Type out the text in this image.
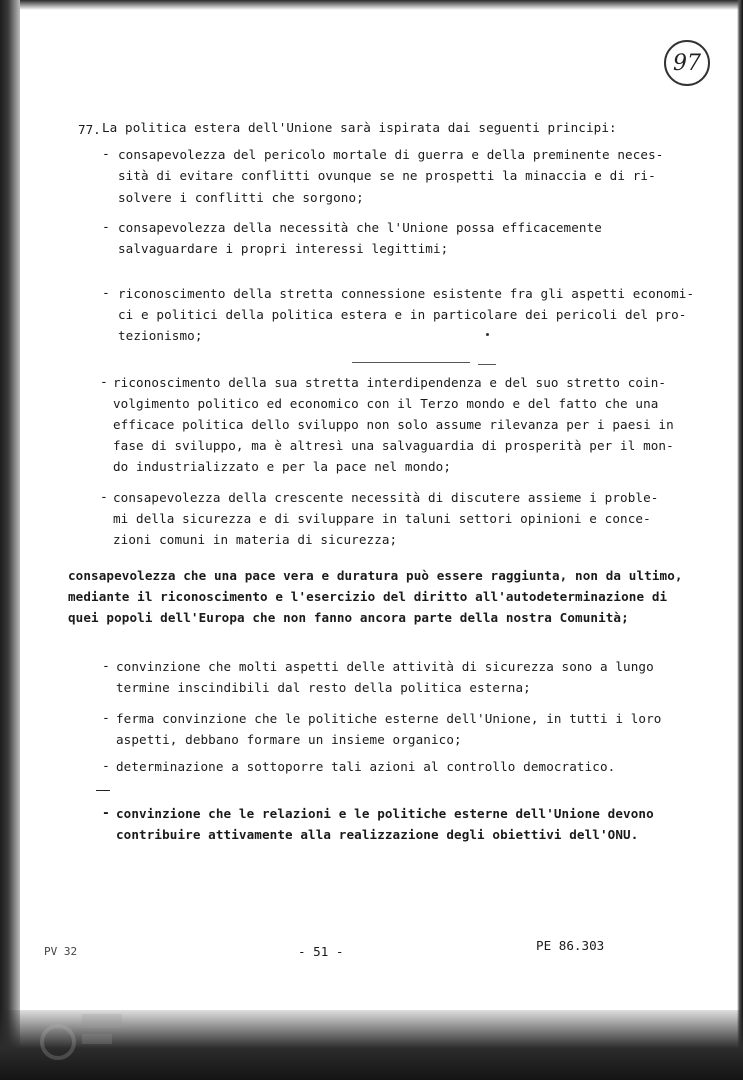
97
77. La politica estera dell'Unione sarà ispirata dai seguenti principi:
- consapevolezza del pericolo mortale di guerra e della preminente neces-
sità di evitare conflitti ovunque se ne prospetti la minaccia e di ri-
solvere i conflitti che sorgono;
- consapevolezza della necessità che l'Unione possa efficacemente
salvaguardare i propri interessi legittimi;
- riconoscimento della stretta connessione esistente fra gli aspetti economi-
ci e politici della politica estera e in particolare dei pericoli del pro-
tezionismo;
- riconoscimento della sua stretta interdipendenza e del suo stretto coin-
volgimento politico ed economico con il Terzo mondo e del fatto che una
efficace politica dello sviluppo non solo assume rilevanza per i paesi in
fase di sviluppo, ma è altresì una salvaguardia di prosperità per il mon-
do industrializzato e per la pace nel mondo;
- consapevolezza della crescente necessità di discutere assieme i proble-
mi della sicurezza e di sviluppare in taluni settori opinioni e conce-
zioni comuni in materia di sicurezza;
consapevolezza che una pace vera e duratura può essere raggiunta, non da ultimo,
mediante il riconoscimento e l'esercizio del diritto all'autodeterminazione di
quei popoli dell'Europa che non fanno ancora parte della nostra Comunità;
- convinzione che molti aspetti delle attività di sicurezza sono a lungo
termine inscindibili dal resto della politica esterna;
- ferma convinzione che le politiche esterne dell'Unione, in tutti i loro
aspetti, debbano formare un insieme organico;
- determinazione a sottoporre tali azioni al controllo democratico.
- convinzione che le relazioni e le politiche esterne dell'Unione devono
contribuire attivamente alla realizzazione degli obiettivi dell'ONU.
PV 32	- 51 -	PE 86.303
